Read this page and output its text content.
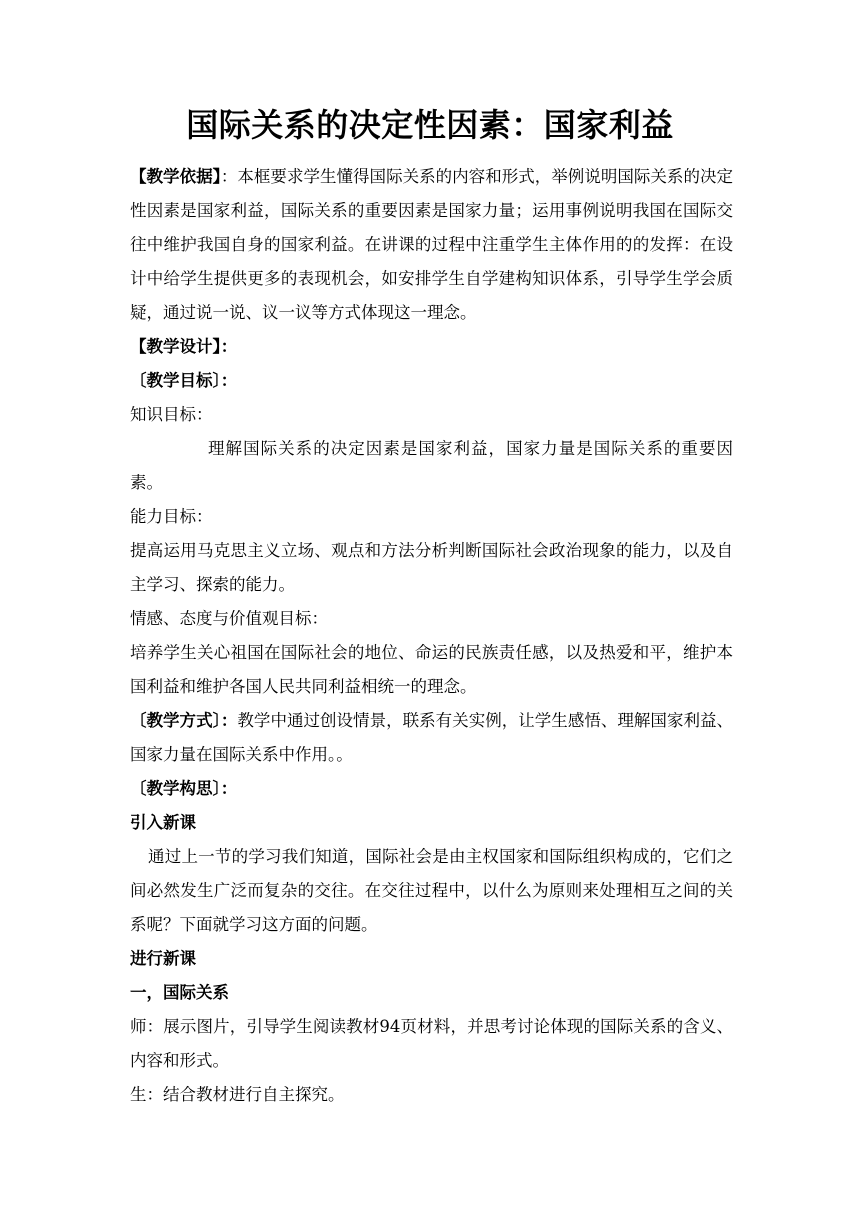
国际关系的决定性因素：国家利益

【教学依据】：本框要求学生懂得国际关系的内容和形式，举例说明国际关系的决定性因素是国家利益，国际关系的重要因素是国家力量；运用事例说明我国在国际交往中维护我国自身的国家利益。在讲课的过程中注重学生主体作用的的发挥：在设计中给学生提供更多的表现机会，如安排学生自学建构知识体系，引导学生学会质疑，通过说一说、议一议等方式体现这一理念。

【教学设计】：

〔教学目标〕：

知识目标：

理解国际关系的决定因素是国家利益，国家力量是国际关系的重要因素。

能力目标：

提高运用马克思主义立场、观点和方法分析判断国际社会政治现象的能力，以及自主学习、探索的能力。

情感、态度与价值观目标：

培养学生关心祖国在国际社会的地位、命运的民族责任感，以及热爱和平，维护本国利益和维护各国人民共同利益相统一的理念。

〔教学方式〕：教学中通过创设情景，联系有关实例，让学生感悟、理解国家利益、国家力量在国际关系中作用。。

〔教学构思〕：

引入新课

通过上一节的学习我们知道，国际社会是由主权国家和国际组织构成的，它们之间必然发生广泛而复杂的交往。在交往过程中，以什么为原则来处理相互之间的关系呢？下面就学习这方面的问题。

进行新课

一，国际关系

师：展示图片，引导学生阅读教材94页材料，并思考讨论体现的国际关系的含义、内容和形式。

生：结合教材进行自主探究。
